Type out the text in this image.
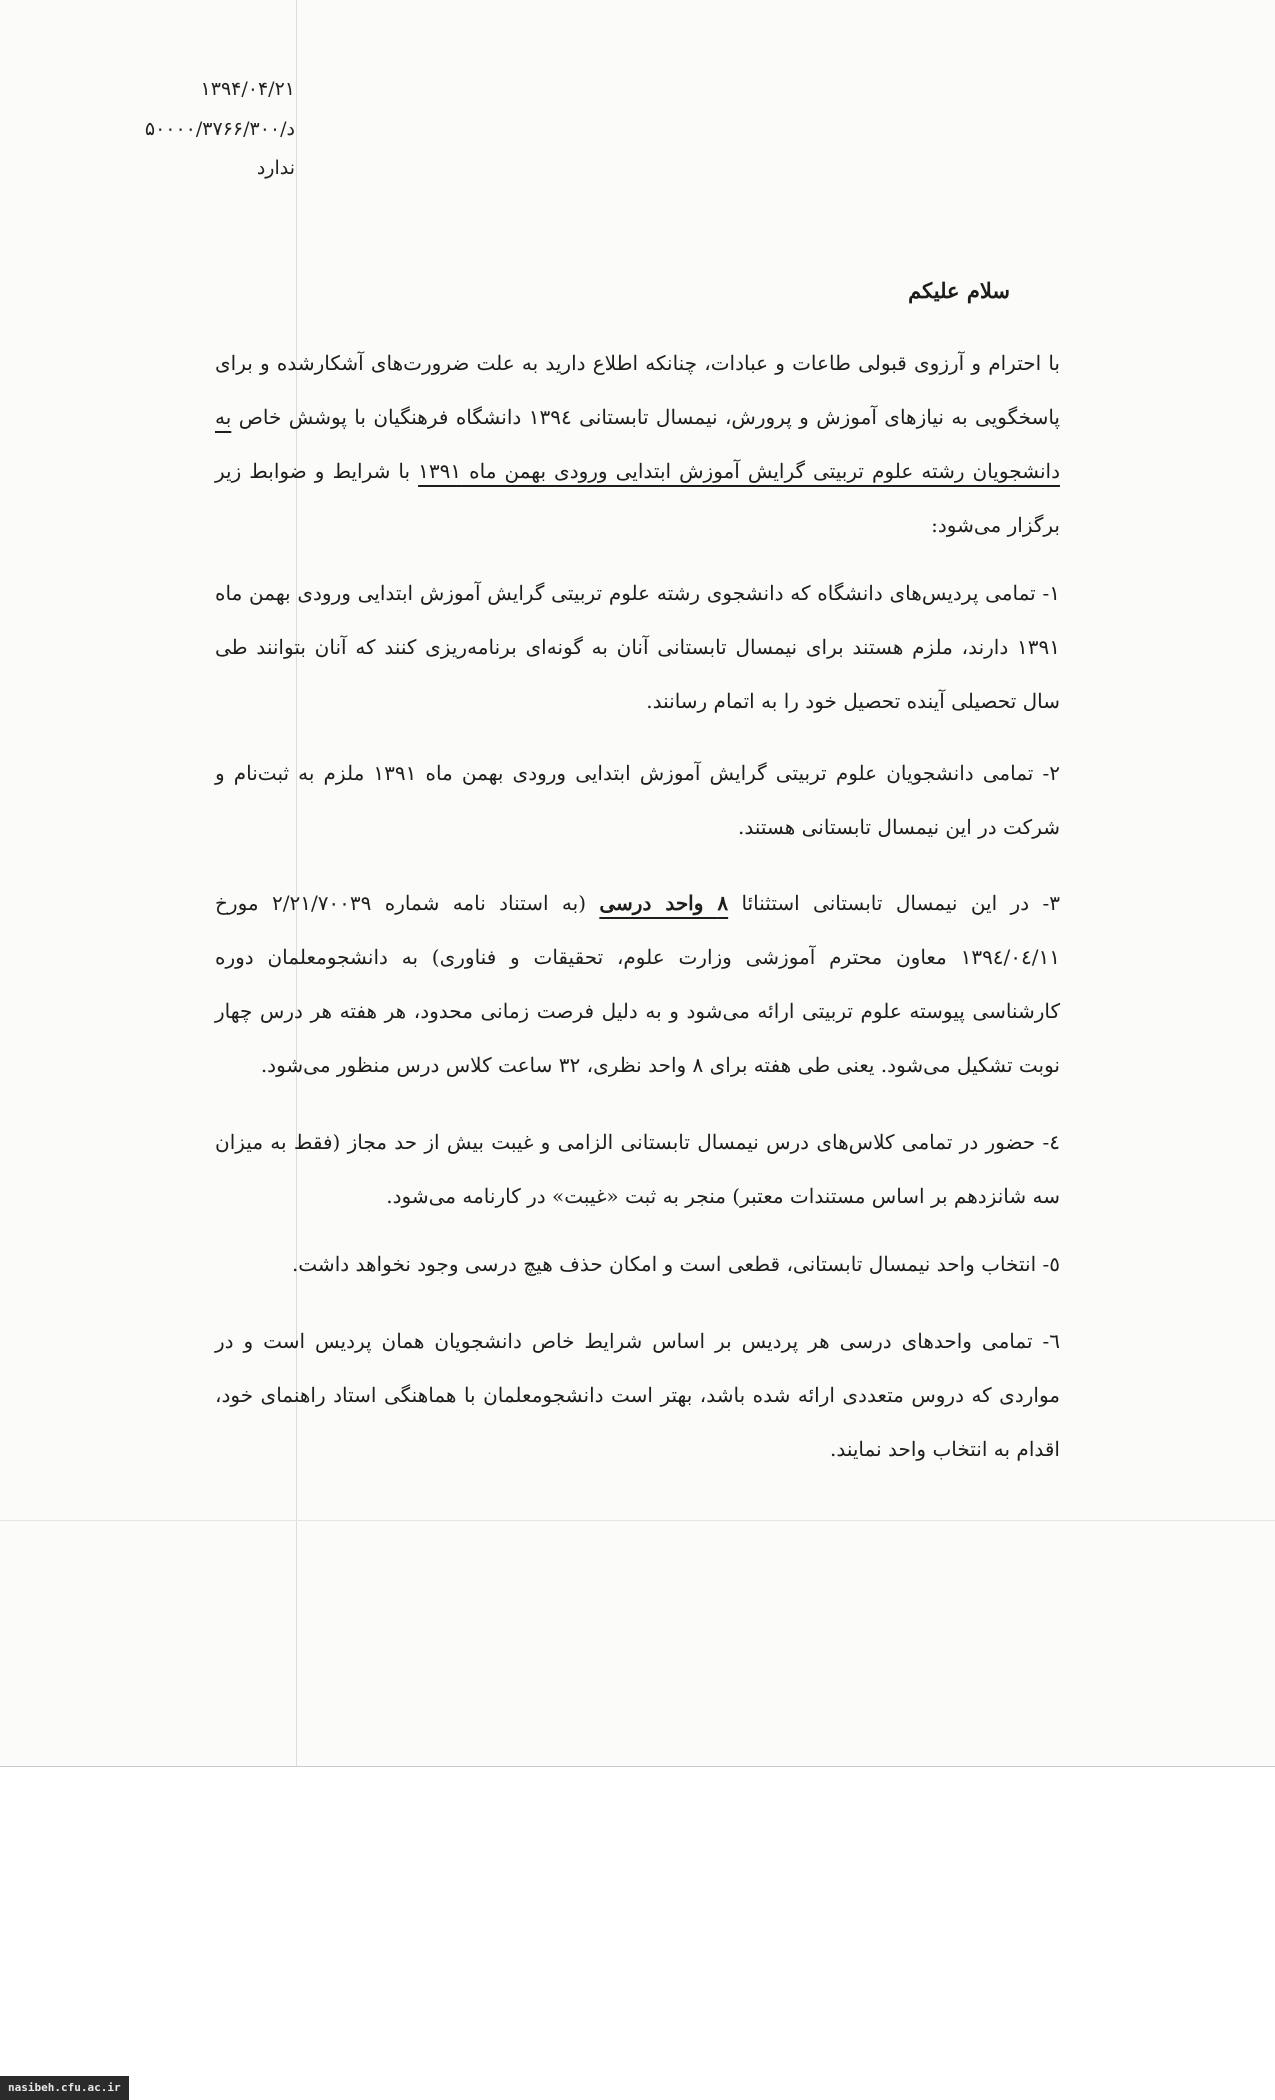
۱۳۹۴/۰۴/۲۱
د/۵۰۰۰۰/۳۷۶۶/۳۰۰
ندارد
سلام علیکم
با احترام و آرزوی قبولی طاعات و عبادات، چنانکه اطلاع دارید به علت ضرورت‌های آشکارشده و برای پاسخگویی به نیازهای آموزش و پرورش، نیمسال تابستانی ۱۳۹٤ دانشگاه فرهنگیان با پوشش خاص به دانشجویان رشته علوم تربیتی گرایش آموزش ابتدایی ورودی بهمن ماه ۱۳۹۱ با شرایط و ضوابط زیر برگزار می‌شود:
۱- تمامی پردیس‌های دانشگاه که دانشجوی رشته علوم تربیتی گرایش آموزش ابتدایی ورودی بهمن ماه ۱۳۹۱ دارند، ملزم هستند برای نیمسال تابستانی آنان به گونه‌ای برنامه‌ریزی کنند که آنان بتوانند طی سال تحصیلی آینده تحصیل خود را به اتمام رسانند.
۲- تمامی دانشجویان علوم تربیتی گرایش آموزش ابتدایی ورودی بهمن ماه ۱۳۹۱ ملزم به ثبت‌نام و شرکت در این نیمسال تابستانی هستند.
۳- در این نیمسال تابستانی استثنائا ۸ واحد درسی (به استناد نامه شماره ۲/۲۱/۷۰۰۳۹ مورخ ۱۳۹٤/۰٤/۱۱ معاون محترم آموزشی وزارت علوم، تحقیقات و فناوری) به دانشجومعلمان دوره کارشناسی پیوسته علوم تربیتی ارائه می‌شود و به دلیل فرصت زمانی محدود، هر هفته هر درس چهار نوبت تشکیل می‌شود. یعنی طی هفته برای ۸ واحد نظری، ۳۲ ساعت کلاس درس منظور می‌شود.
٤- حضور در تمامی کلاس‌های درس نیمسال تابستانی الزامی و غیبت بیش از حد مجاز (فقط به میزان سه شانزدهم بر اساس مستندات معتبر) منجر به ثبت «غیبت» در کارنامه می‌شود.
٥- انتخاب واحد نیمسال تابستانی، قطعی است و امکان حذف هیچ درسی وجود نخواهد داشت.
٦- تمامی واحدهای درسی هر پردیس بر اساس شرایط خاص دانشجویان همان پردیس است و در مواردی که دروس متعددی ارائه شده باشد، بهتر است دانشجومعلمان با هماهنگی استاد راهنمای خود، اقدام به انتخاب واحد نمایند.
nasibeh.cfu.ac.ir
